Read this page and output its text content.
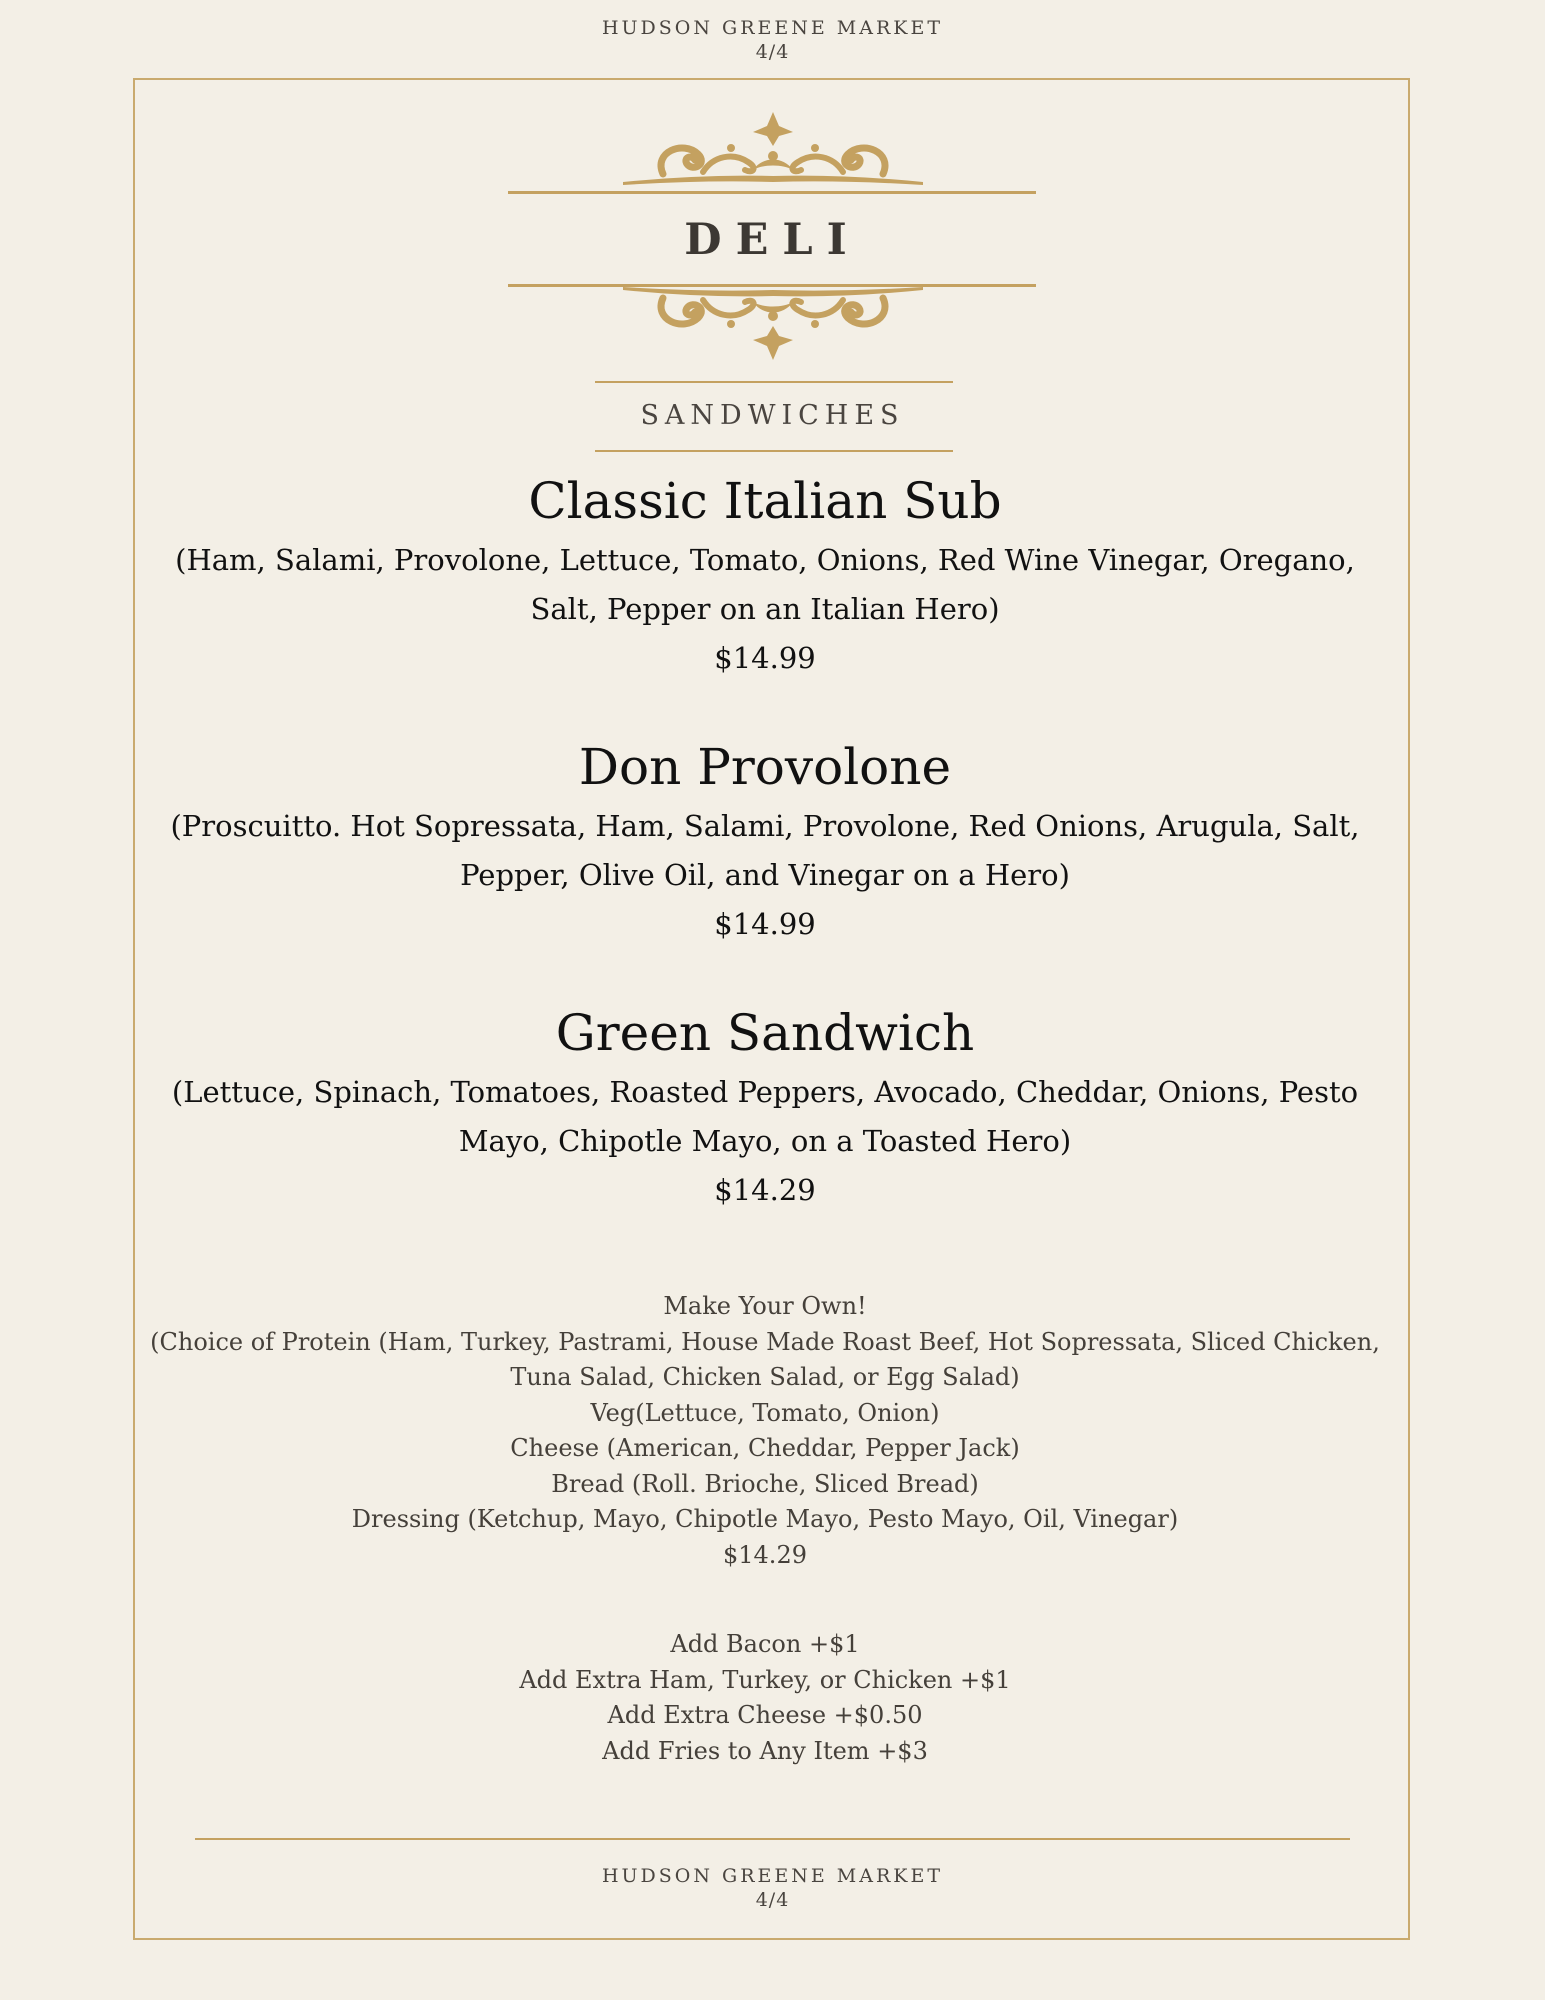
HUDSON GREENE MARKET
4/4
DELI
SANDWICHES
Classic Italian Sub
(Ham, Salami, Provolone, Lettuce, Tomato, Onions, Red Wine Vinegar, Oregano, Salt, Pepper on an Italian Hero)
$14.99
Don Provolone
(Proscuitto. Hot Sopressata, Ham, Salami, Provolone, Red Onions, Arugula, Salt, Pepper, Olive Oil, and Vinegar on a Hero)
$14.99
Green Sandwich
(Lettuce, Spinach, Tomatoes, Roasted Peppers, Avocado, Cheddar, Onions, Pesto Mayo, Chipotle Mayo, on a Toasted Hero)
$14.29
Make Your Own!
(Choice of Protein (Ham, Turkey, Pastrami, House Made Roast Beef, Hot Sopressata, Sliced Chicken, Tuna Salad, Chicken Salad, or Egg Salad)
Veg(Lettuce, Tomato, Onion)
Cheese (American, Cheddar, Pepper Jack)
Bread (Roll. Brioche, Sliced Bread)
Dressing (Ketchup, Mayo, Chipotle Mayo, Pesto Mayo, Oil, Vinegar)
$14.29
Add Bacon +$1
Add Extra Ham, Turkey, or Chicken +$1
Add Extra Cheese +$0.50
Add Fries to Any Item +$3
HUDSON GREENE MARKET
4/4
